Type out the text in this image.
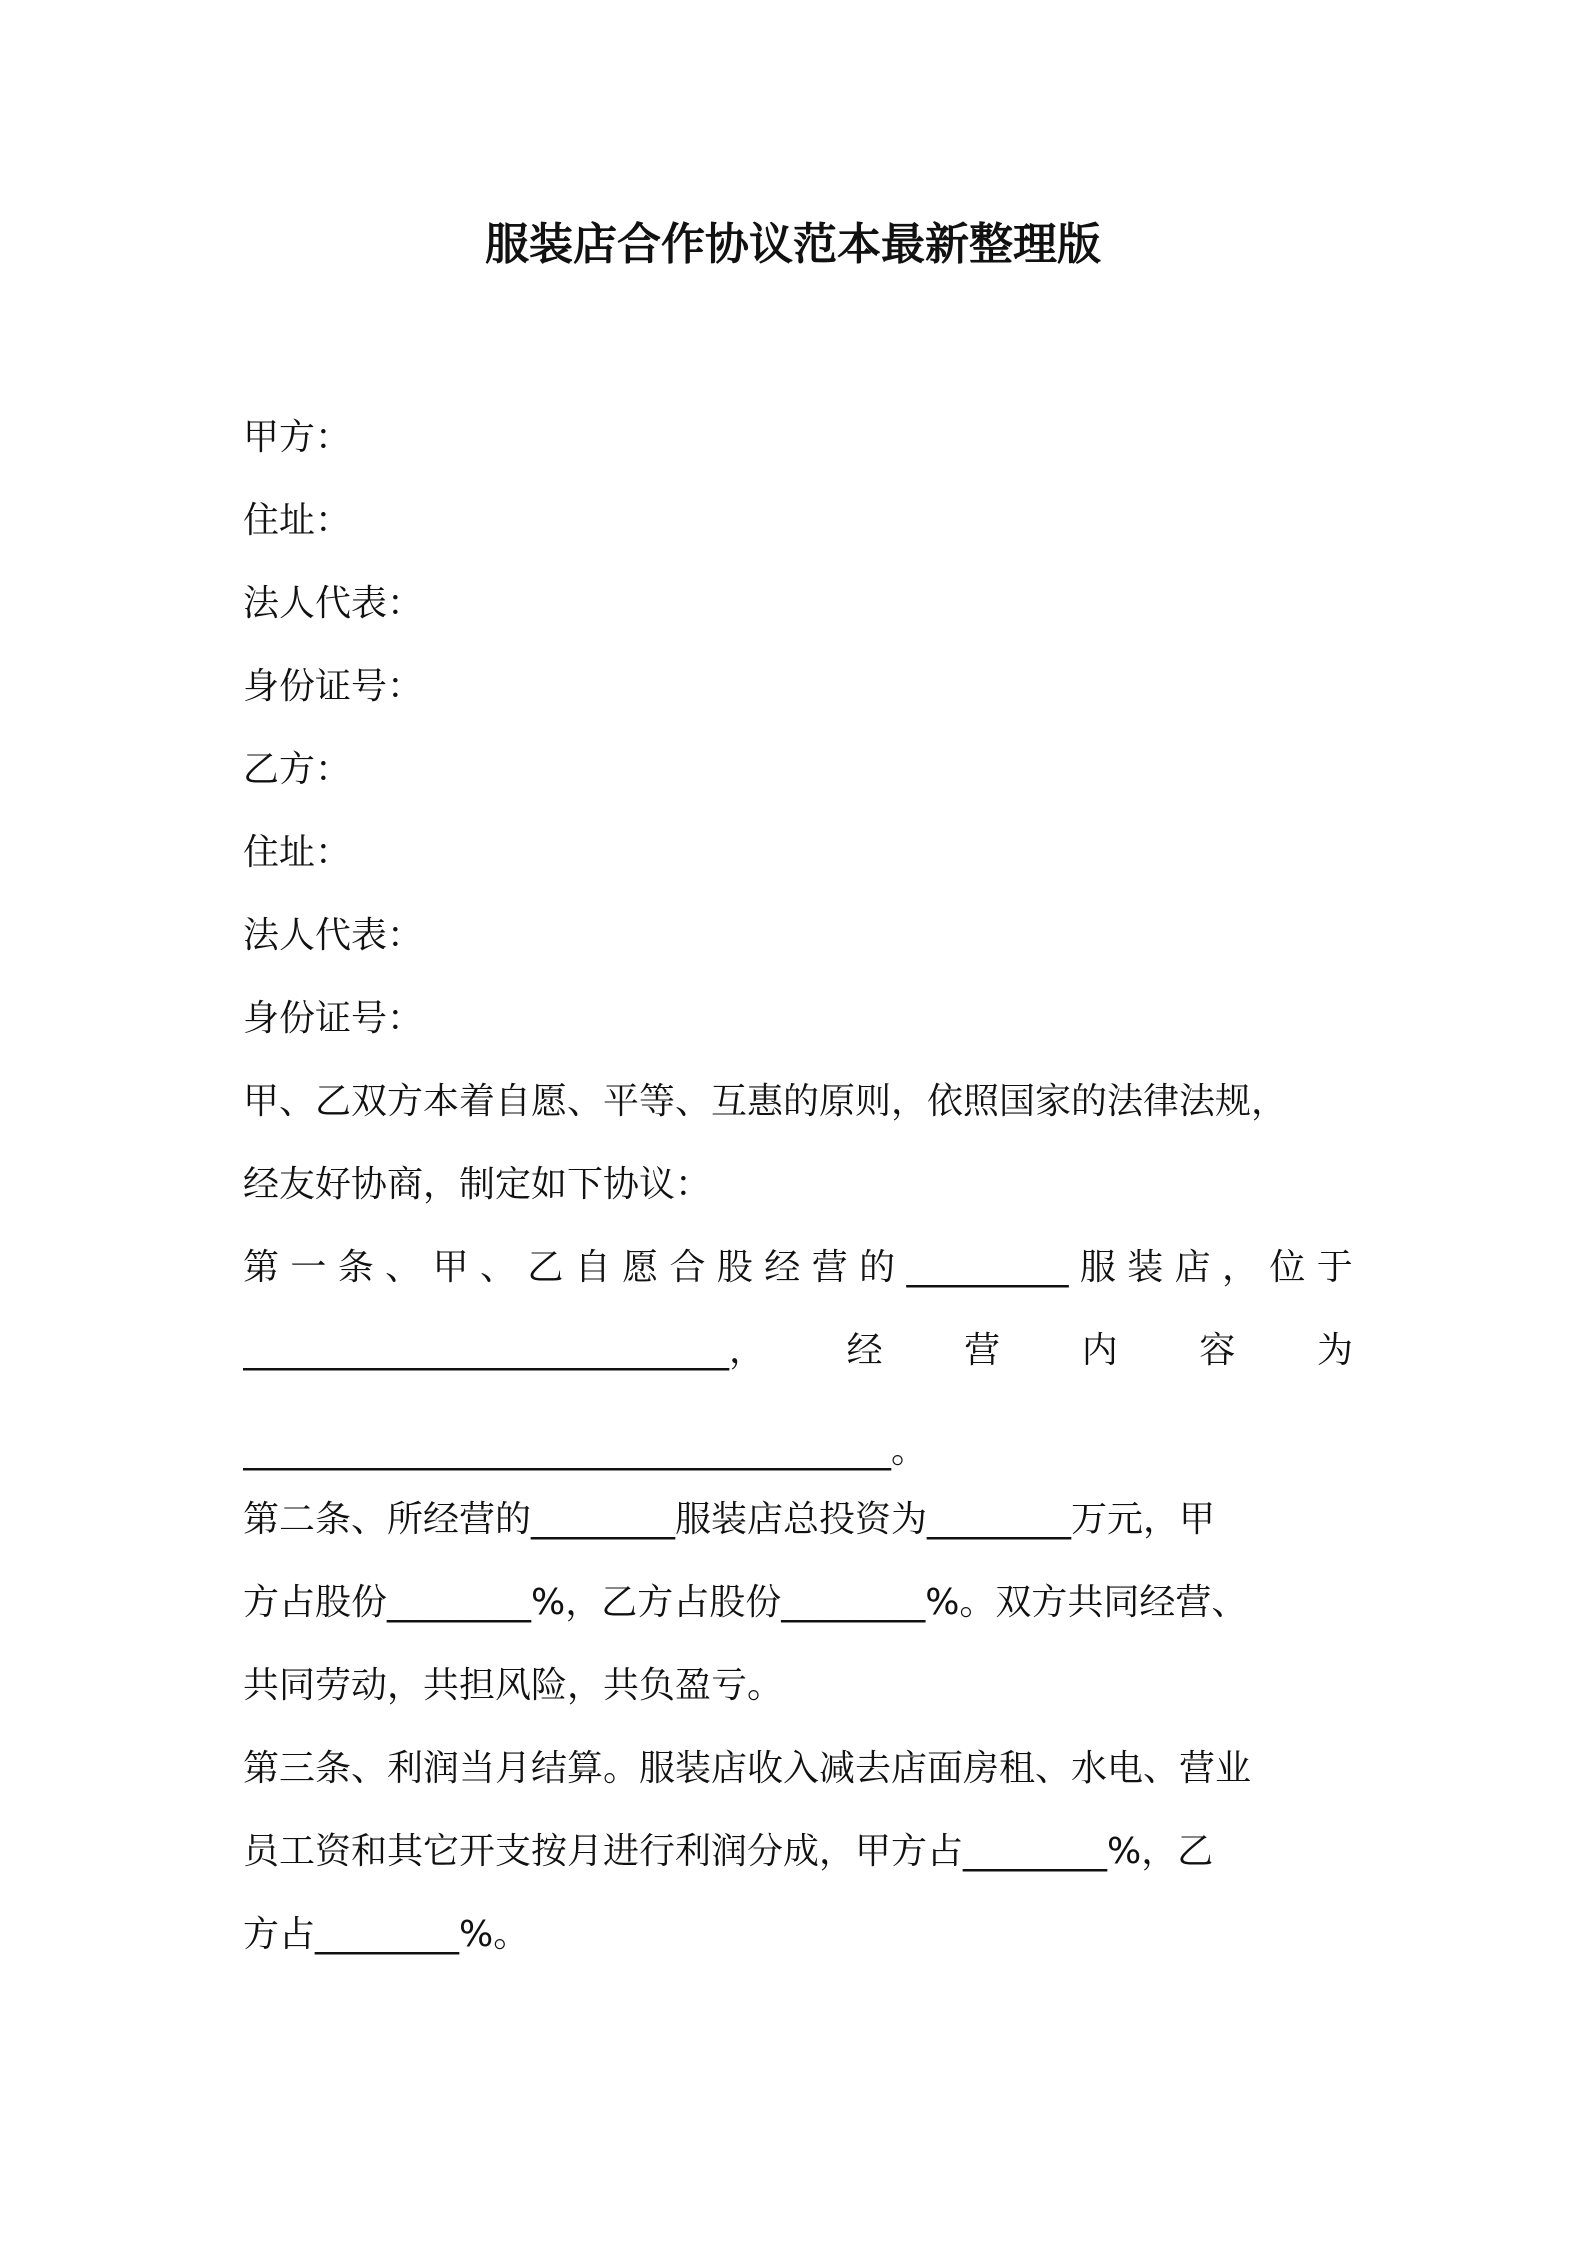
服装店合作协议范本最新整理版
甲方：
住址：
法人代表：
身份证号：
乙方：
住址：
法人代表：
身份证号：
甲、乙双方本着自愿、平等、互惠的原则，依照国家的法律法规，
经友好协商，制定如下协议：
第 一 条 、 甲 、 乙 自 愿 合 股 经 营 的 _________ 服 装 店 ， 位 于
___________________________， 经 营 内 容 为
____________________________________。
第二条、所经营的________服装店总投资为________万元，甲
方占股份________%，乙方占股份________%。双方共同经营、
共同劳动，共担风险，共负盈亏。
第三条、利润当月结算。服装店收入减去店面房租、水电、营业
员工资和其它开支按月进行利润分成，甲方占________%，乙
方占________%。
